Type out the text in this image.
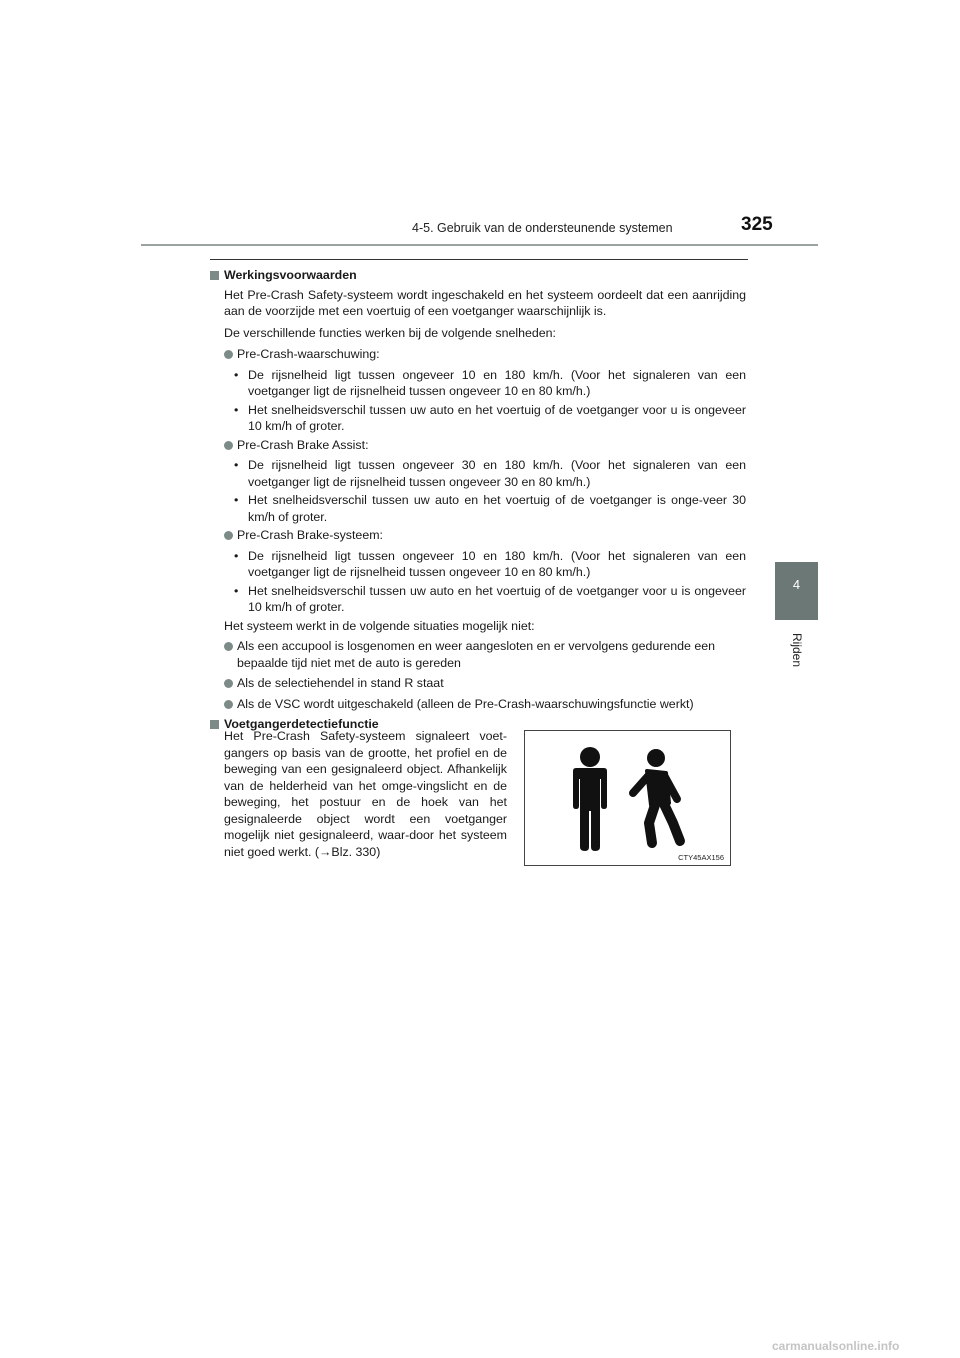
4-5. Gebruik van de ondersteunende systemen	325
4
Rijden
Werkingsvoorwaarden

Het Pre-Crash Safety-systeem wordt ingeschakeld en het systeem oordeelt dat een aanrijding aan de voorzijde met een voertuig of een voetganger waarschijnlijk is.

De verschillende functies werken bij de volgende snelheden:

Pre-Crash-waarschuwing:
• De rijsnelheid ligt tussen ongeveer 10 en 180 km/h. (Voor het signaleren van een voetganger ligt de rijsnelheid tussen ongeveer 10 en 80 km/h.)
• Het snelheidsverschil tussen uw auto en het voertuig of de voetganger voor u is ongeveer 10 km/h of groter.
Pre-Crash Brake Assist:
• De rijsnelheid ligt tussen ongeveer 30 en 180 km/h. (Voor het signaleren van een voetganger ligt de rijsnelheid tussen ongeveer 30 en 80 km/h.)
• Het snelheidsverschil tussen uw auto en het voertuig of de voetganger is onge-veer 30 km/h of groter.
Pre-Crash Brake-systeem:
• De rijsnelheid ligt tussen ongeveer 10 en 180 km/h. (Voor het signaleren van een voetganger ligt de rijsnelheid tussen ongeveer 10 en 80 km/h.)
• Het snelheidsverschil tussen uw auto en het voertuig of de voetganger voor u is ongeveer 10 km/h of groter.

Het systeem werkt in de volgende situaties mogelijk niet:

Als een accupool is losgenomen en weer aangesloten en er vervolgens gedurende een bepaalde tijd niet met de auto is gereden
Als de selectiehendel in stand R staat
Als de VSC wordt uitgeschakeld (alleen de Pre-Crash-waarschuwingsfunctie werkt)
Voetgangerdetectiefunctie
Het Pre-Crash Safety-systeem signaleert voet-gangers op basis van de grootte, het profiel en de beweging van een gesignaleerd object. Afhankelijk van de helderheid van het omge-vingslicht en de beweging, het postuur en de hoek van het gesignaleerde object wordt een voetganger mogelijk niet gesignaleerd, waar-door het systeem niet goed werkt. (→Blz. 330)	CTY45AX156
carmanualsonline.info
